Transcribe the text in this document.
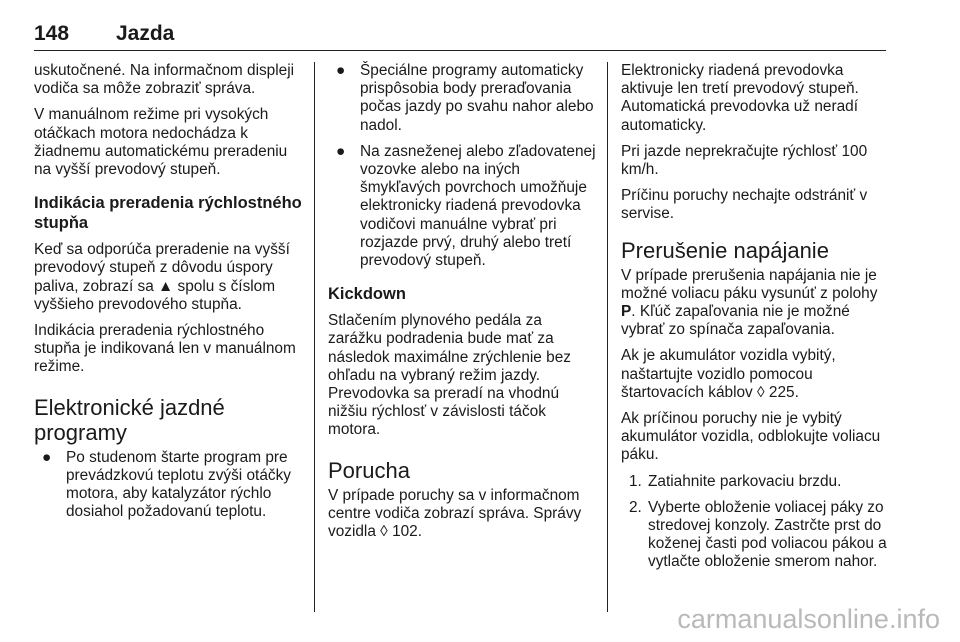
148 Jazda

uskutočnené. Na informačnom displeji vodiča sa môže zobraziť správa.

V manuálnom režime pri vysokých otáčkach motora nedochádza k žiadnemu automatickému preradeniu na vyšší prevodový stupeň.

Indikácia preradenia rýchlostného stupňa

Keď sa odporúča preradenie na vyšší prevodový stupeň z dôvodu úspory paliva, zobrazí sa ▲ spolu s číslom vyššieho prevodového stupňa.

Indikácia preradenia rýchlostného stupňa je indikovaná len v manuálnom režime.

Elektronické jazdné programy
● Po studenom štarte program pre prevádzkovú teplotu zvýši otáčky motora, aby katalyzátor rýchlo dosiahol požadovanú teplotu.
● Špeciálne programy automaticky prispôsobia body preraďovania počas jazdy po svahu nahor alebo nadol.
● Na zasneženej alebo zľadovatenej vozovke alebo na iných šmykľavých povrchoch umožňuje elektronicky riadená prevodovka vodičovi manuálne vybrať pri rozjazde prvý, druhý alebo tretí prevodový stupeň.
Kickdown

Stlačením plynového pedála za zarážku podradenia bude mať za následok maximálne zrýchlenie bez ohľadu na vybraný režim jazdy. Prevodovka sa preradí na vhodnú nižšiu rýchlosť v závislosti táčok motora.

Porucha

V prípade poruchy sa v informačnom centre vodiča zobrazí správa. Správy vozidla ◊ 102.

Elektronicky riadená prevodovka aktivuje len tretí prevodový stupeň. Automatická prevodovka už neradí automaticky.

Pri jazde neprekračujte rýchlosť 100 km/h.

Príčinu poruchy nechajte odstrániť v servise.

Prerušenie napájanie

V prípade prerušenia napájania nie je možné voliacu páku vysunúť z polohy P. Kľúč zapaľovania nie je možné vybrať zo spínača zapaľovania.

Ak je akumulátor vozidla vybitý, naštartujte vozidlo pomocou štartovacích káblov ◊ 225.

Ak príčinou poruchy nie je vybitý akumulátor vozidla, odblokujte voliacu páku.

1. Zatiahnite parkovaciu brzdu.
2. Vyberte obloženie voliacej páky zo stredovej konzoly. Zastrčte prst do koženej časti pod voliacou pákou a vytlačte obloženie smerom nahor.
carmanualsonline.info
